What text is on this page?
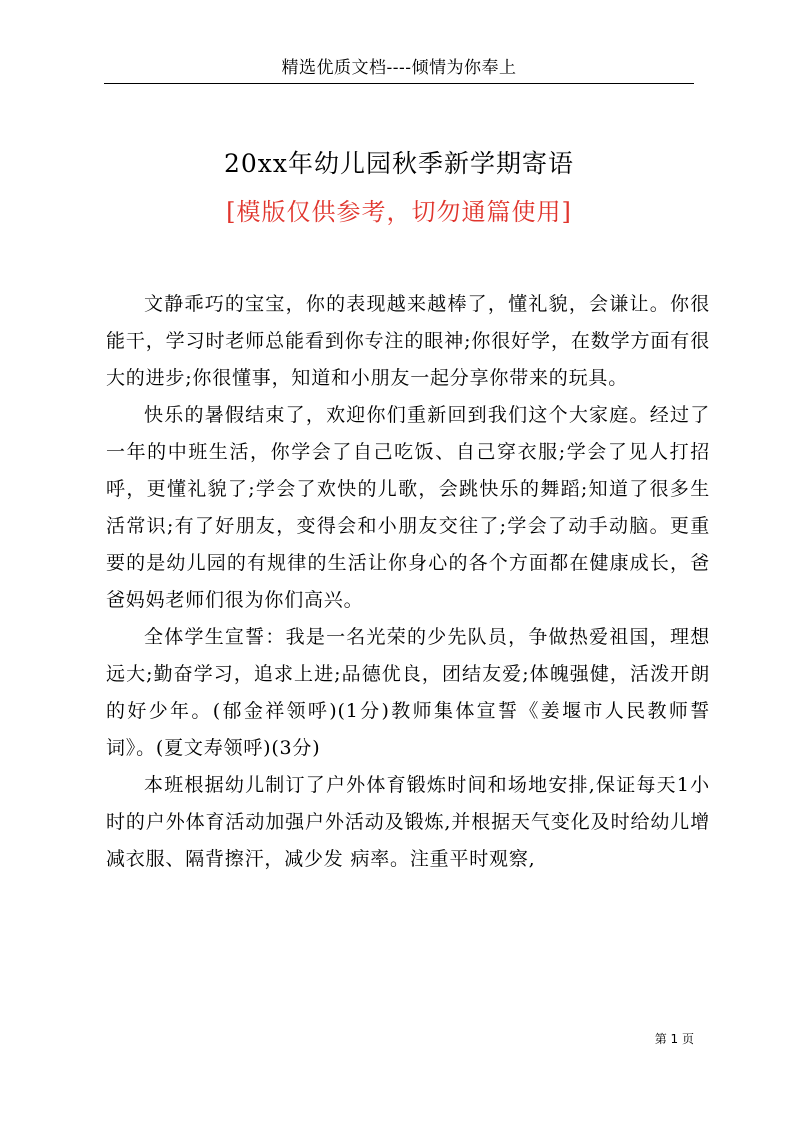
精选优质文档----倾情为你奉上
20xx年幼儿园秋季新学期寄语
[模版仅供参考，切勿通篇使用]

文静乖巧的宝宝，你的表现越来越棒了，懂礼貌，会谦让。你很能干，学习时老师总能看到你专注的眼神;你很好学，在数学方面有很大的进步;你很懂事，知道和小朋友一起分享你带来的玩具。

快乐的暑假结束了，欢迎你们重新回到我们这个大家庭。经过了一年的中班生活，你学会了自己吃饭、自己穿衣服;学会了见人打招呼，更懂礼貌了;学会了欢快的儿歌，会跳快乐的舞蹈;知道了很多生活常识;有了好朋友，变得会和小朋友交往了;学会了动手动脑。更重要的是幼儿园的有规律的生活让你身心的各个方面都在健康成长，爸爸妈妈老师们很为你们高兴。

全体学生宣誓：我是一名光荣的少先队员，争做热爱祖国，理想远大;勤奋学习，追求上进;品德优良，团结友爱;体魄强健，活泼开朗的好少年。(郁金祥领呼)(1分)教师集体宣誓《姜堰市人民教师誓词》。(夏文寿领呼)(3分)

本班根据幼儿制订了户外体育锻炼时间和场地安排,保证每天1小时的户外体育活动加强户外活动及锻炼,并根据天气变化及时给幼儿增减衣服、隔背擦汗，减少发 病率。注重平时观察,

第 1 页
